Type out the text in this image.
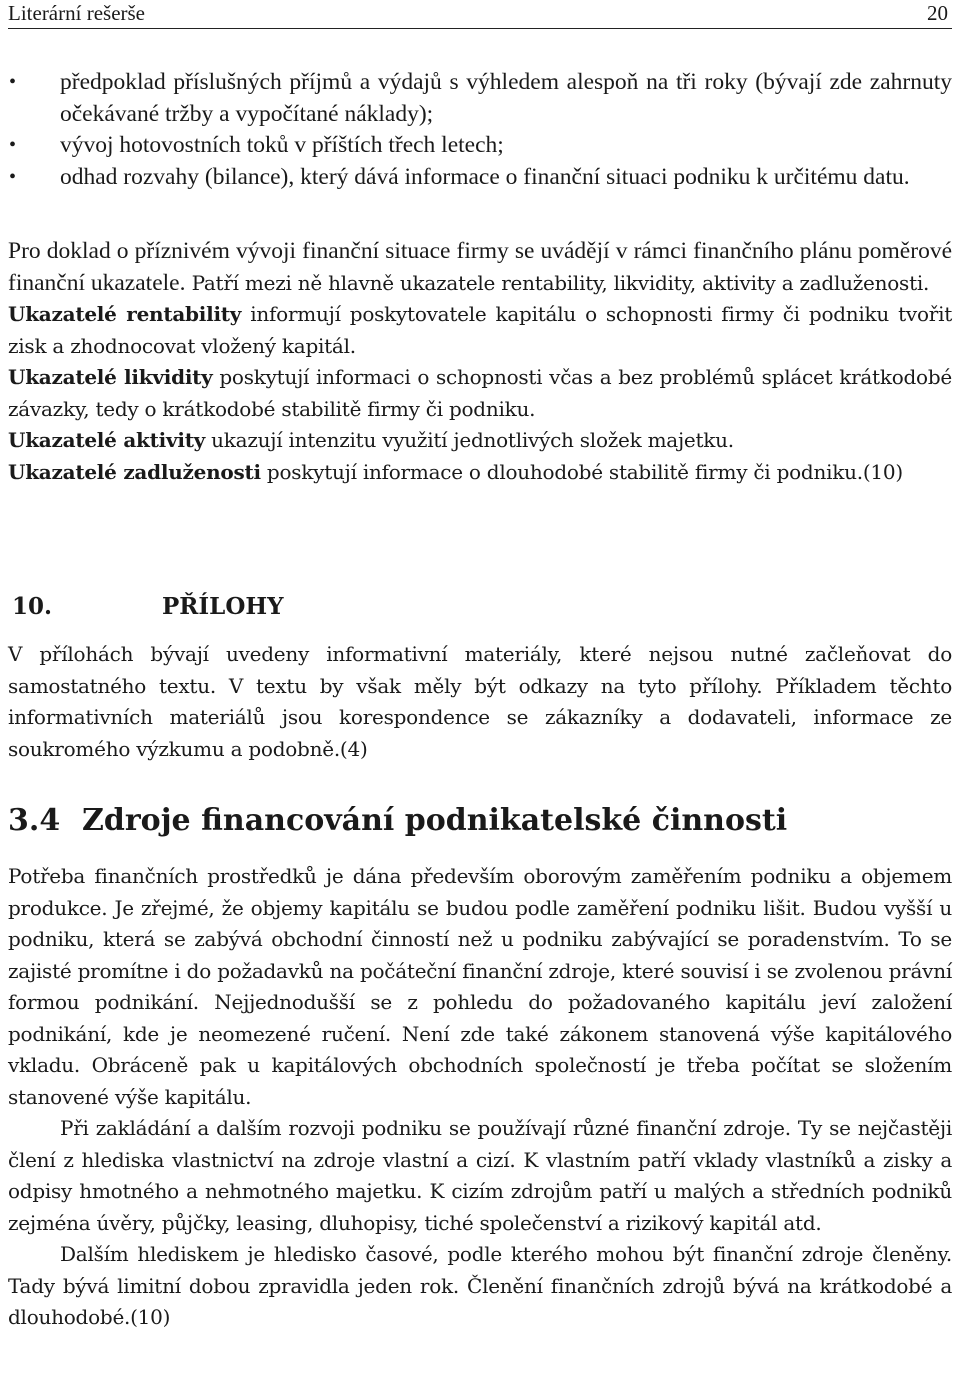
Literární rešerše	20
• předpoklad příslušných příjmů a výdajů s výhledem alespoň na tři roky (bývají zde zahrnuty očekávané tržby a vypočítané náklady);
• vývoj hotovostních toků v příštích třech letech;
• odhad rozvahy (bilance), který dává informace o finanční situaci podniku k určitému datu.

Pro doklad o příznivém vývoji finanční situace firmy se uvádějí v rámci finančního plánu poměrové finanční ukazatele. Patří mezi ně hlavně ukazatele rentability, likvidity, aktivity a zadluženosti.

Ukazatelé rentability informují poskytovatele kapitálu o schopnosti firmy či podniku tvořit zisk a zhodnocovat vložený kapitál.

Ukazatelé likvidity poskytují informaci o schopnosti včas a bez problémů splácet krátkodobé závazky, tedy o krátkodobé stabilitě firmy či podniku.

Ukazatelé aktivity ukazují intenzitu využití jednotlivých složek majetku.

Ukazatelé zadluženosti poskytují informace o dlouhodobé stabilitě firmy či podniku.(10)

10.	PŘÍLOHY

V přílohách bývají uvedeny informativní materiály, které nejsou nutné začleňovat do samostatného textu. V textu by však měly být odkazy na tyto přílohy. Příkladem těchto informativních materiálů jsou korespondence se zákazníky a dodavateli, informace ze soukromého výzkumu a podobně.(4)

3.4 Zdroje financování podnikatelské činnosti

Potřeba finančních prostředků je dána především oborovým zaměřením podniku a objemem produkce. Je zřejmé, že objemy kapitálu se budou podle zaměření podniku lišit. Budou vyšší u podniku, která se zabývá obchodní činností než u podniku zabývající se poradenstvím. To se zajisté promítne i do požadavků na počáteční finanční zdroje, které souvisí i se zvolenou právní formou podnikání. Nejjednodušší se z pohledu do požadovaného kapitálu jeví založení podnikání, kde je neomezené ručení. Není zde také zákonem stanovená výše kapitálového vkladu. Obráceně pak u kapitálových obchodních společností je třeba počítat se složením stanovené výše kapitálu.

Při zakládání a dalším rozvoji podniku se používají různé finanční zdroje. Ty se nejčastěji člení z hlediska vlastnictví na zdroje vlastní a cizí. K vlastním patří vklady vlastníků a zisky a odpisy hmotného a nehmotného majetku. K cizím zdrojům patří u malých a středních podniků zejména úvěry, půjčky, leasing, dluhopisy, tiché společenství a rizikový kapitál atd.

Dalším hlediskem je hledisko časové, podle kterého mohou být finanční zdroje členěny. Tady bývá limitní dobou zpravidla jeden rok. Členění finančních zdrojů bývá na krátkodobé a dlouhodobé.(10)
